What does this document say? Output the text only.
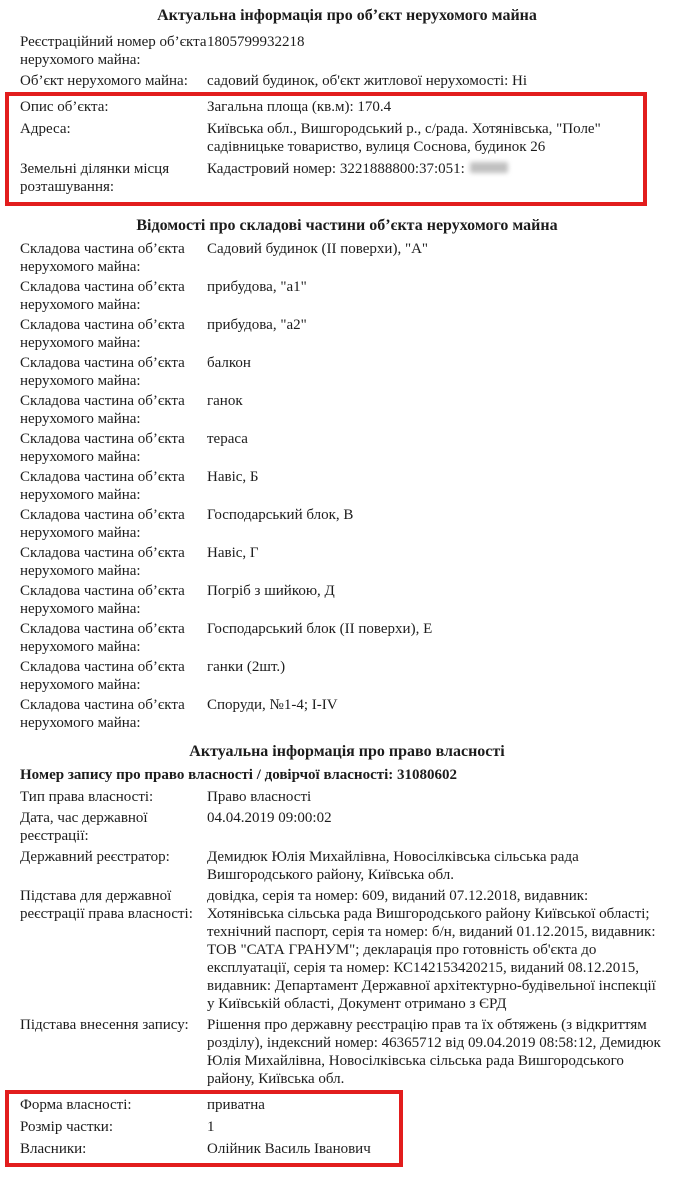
Актуальна інформація про об’єкт нерухомого майна
Реєстраційний номер об’єкта нерухомого майна:
1805799932218
Об’єкт нерухомого майна:	садовий будинок, об'єкт житлової нерухомості: Ні
Опис об’єкта:	Загальна площа (кв.м): 170.4
Адреса:	Київська обл., Вишгородський р., с/рада. Хотянівська, "Поле" садівницьке товариство, вулиця Соснова, будинок 26
Земельні ділянки місця розташування:
Кадастровий номер: 3221888800:37:051:
Відомості про складові частини об’єкта нерухомого майна
Складова частина об’єкта нерухомого майна:
Садовий будинок (II поверхи), "А"
Складова частина об’єкта нерухомого майна:
прибудова, "а1"
Складова частина об’єкта нерухомого майна:
прибудова, "а2"
Складова частина об’єкта нерухомого майна:
балкон
Складова частина об’єкта нерухомого майна:
ганок
Складова частина об’єкта нерухомого майна:
тераса
Складова частина об’єкта нерухомого майна:
Навіс, Б
Складова частина об’єкта нерухомого майна:
Господарський блок, В
Складова частина об’єкта нерухомого майна:
Навіс, Г
Складова частина об’єкта нерухомого майна:
Погріб з шийкою, Д
Складова частина об’єкта нерухомого майна:
Господарський блок (II поверхи), Е
Складова частина об’єкта нерухомого майна:
ганки (2шт.)
Складова частина об’єкта нерухомого майна:
Споруди, №1-4; I-IV
Актуальна інформація про право власності
Номер запису про право власності / довірчої власності: 31080602
Тип права власності:	Право власності
Дата, час державної реєстрації:
04.04.2019 09:00:02
Державний реєстратор:	Демидюк Юлія Михайлівна, Новосілківська сільська рада Вишгородського району, Київська обл.
Підстава для державної реєстрації права власності:
довідка, серія та номер: 609, виданий 07.12.2018, видавник: Хотянівська сільська рада Вишгородського району Київської області; технічний паспорт, серія та номер: б/н, виданий 01.12.2015, видавник: ТОВ "САТА ГРАНУМ"; декларація про готовність об'єкта до експлуатації, серія та номер: КС142153420215, виданий 08.12.2015, видавник: Департамент Державної архітектурно-будівельної інспекції у Київській області, Документ отримано з ЄРД
Підстава внесення запису:	Рішення про державну реєстрацію прав та їх обтяжень (з відкриттям розділу), індексний номер: 46365712 від 09.04.2019 08:58:12, Демидюк Юлія Михайлівна, Новосілківська сільська рада Вишгородського району, Київська обл.
Форма власності:	приватна
Розмір частки:	1
Власники:	Олійник Василь Іванович
